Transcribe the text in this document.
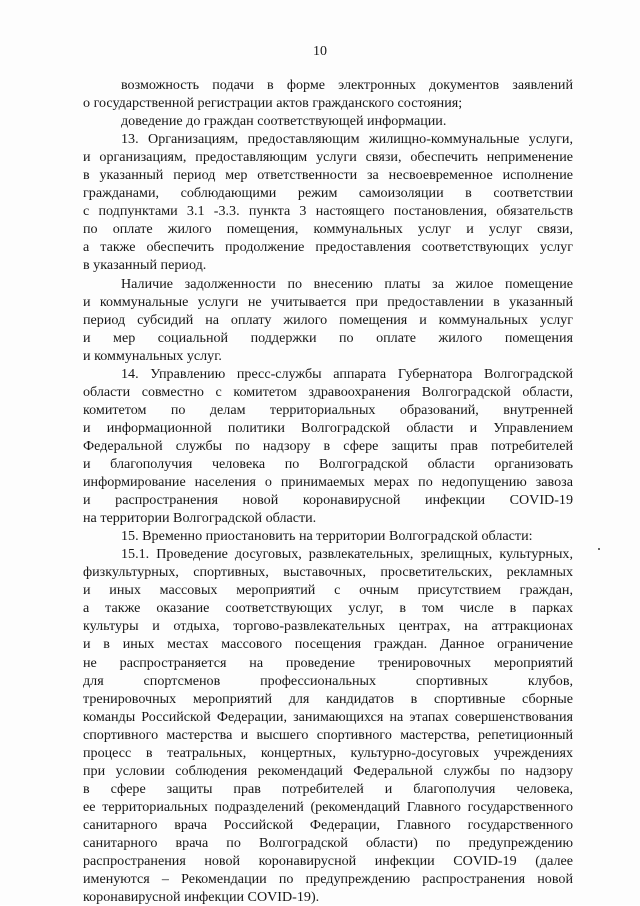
10

возможность подачи в форме электронных документов заявлений
о государственной регистрации актов гражданского состояния;

доведение до граждан соответствующей информации.

13. Организациям, предоставляющим жилищно-коммунальные услуги,
и организациям, предоставляющим услуги связи, обеспечить неприменение
в указанный период мер ответственности за несвоевременное исполнение
гражданами, соблюдающими режим самоизоляции в соответствии
с подпунктами 3.1 -3.3. пункта 3 настоящего постановления, обязательств
по оплате жилого помещения, коммунальных услуг и услуг связи,
а также обеспечить продолжение предоставления соответствующих услуг
в указанный период.

Наличие задолженности по внесению платы за жилое помещение
и коммунальные услуги не учитывается при предоставлении в указанный
период субсидий на оплату жилого помещения и коммунальных услуг
и мер социальной поддержки по оплате жилого помещения
и коммунальных услуг.

14. Управлению пресс-службы аппарата Губернатора Волгоградской
области совместно с комитетом здравоохранения Волгоградской области,
комитетом по делам территориальных образований, внутренней
и информационной политики Волгоградской области и Управлением
Федеральной службы по надзору в сфере защиты прав потребителей
и благополучия человека по Волгоградской области организовать
информирование населения о принимаемых мерах по недопущению завоза
и распространения новой коронавирусной инфекции COVID-19
на территории Волгоградской области.

15. Временно приостановить на территории Волгоградской области:

15.1. Проведение досуговых, развлекательных, зрелищных, культурных,
физкультурных, спортивных, выставочных, просветительских, рекламных
и иных массовых мероприятий с очным присутствием граждан,
а также оказание соответствующих услуг, в том числе в парках
культуры и отдыха, торгово-развлекательных центрах, на аттракционах
и в иных местах массового посещения граждан. Данное ограничение
не распространяется на проведение тренировочных мероприятий
для спортсменов профессиональных спортивных клубов,
тренировочных мероприятий для кандидатов в спортивные сборные
команды Российской Федерации, занимающихся на этапах совершенствования
спортивного мастерства и высшего спортивного мастерства, репетиционный
процесс в театральных, концертных, культурно-досуговых учреждениях
при условии соблюдения рекомендаций Федеральной службы по надзору
в сфере защиты прав потребителей и благополучия человека,
ее территориальных подразделений (рекомендаций Главного государственного
санитарного врача Российской Федерации, Главного государственного
санитарного врача по Волгоградской области) по предупреждению
распространения новой коронавирусной инфекции COVID-19 (далее
именуются – Рекомендации по предупреждению распространения новой
коронавирусной инфекции COVID-19).
